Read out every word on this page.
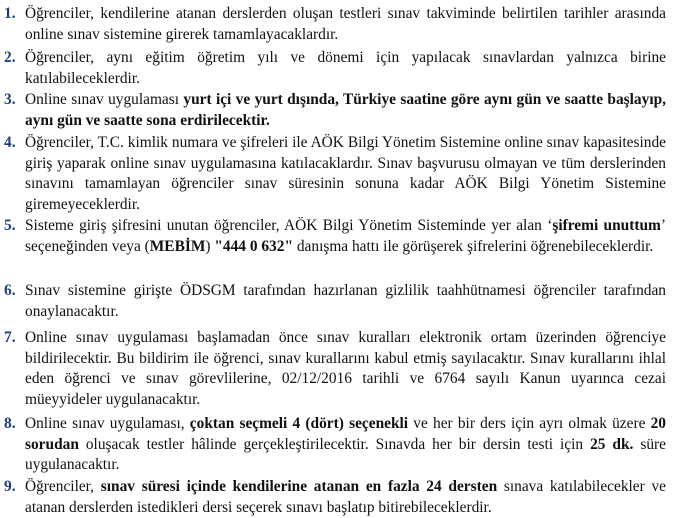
1. Öğrenciler, kendilerine atanan derslerden oluşan testleri sınav takviminde belirtilen tarihler arasında online sınav sistemine girerek tamamlayacaklardır.
2. Öğrenciler, aynı eğitim öğretim yılı ve dönemi için yapılacak sınavlardan yalnızca birine katılabileceklerdir.
3. Online sınav uygulaması yurt içi ve yurt dışında, Türkiye saatine göre aynı gün ve saatte başlayıp, aynı gün ve saatte sona erdirilecektir.
4. Öğrenciler, T.C. kimlik numara ve şifreleri ile AÖK Bilgi Yönetim Sistemine online sınav kapasitesinde giriş yaparak online sınav uygulamasına katılacaklardır. Sınav başvurusu olmayan ve tüm derslerinden sınavını tamamlayan öğrenciler sınav süresinin sonuna kadar AÖK Bilgi Yönetim Sistemine giremeyeceklerdir.
5. Sisteme giriş şifresini unutan öğrenciler, AÖK Bilgi Yönetim Sisteminde yer alan ‘şifremi unuttum’ seçeneğinden veya (MEBİM) "444 0 632" danışma hattı ile görüşerek şifrelerini öğrenebileceklerdir.
6. Sınav sistemine girişte ÖDSGM tarafından hazırlanan gizlilik taahhütnamesi öğrenciler tarafından onaylanacaktır.
7. Online sınav uygulaması başlamadan önce sınav kuralları elektronik ortam üzerinden öğrenciye bildirilecektir. Bu bildirim ile öğrenci, sınav kurallarını kabul etmiş sayılacaktır. Sınav kurallarını ihlal eden öğrenci ve sınav görevlilerine, 02/12/2016 tarihli ve 6764 sayılı Kanun uyarınca cezai müeyyideler uygulanacaktır.
8. Online sınav uygulaması, çoktan seçmeli 4 (dört) seçenekli ve her bir ders için ayrı olmak üzere 20 sorudan oluşacak testler hâlinde gerçekleştirilecektir. Sınavda her bir dersin testi için 25 dk. süre uygulanacaktır.
9. Öğrenciler, sınav süresi içinde kendilerine atanan en fazla 24 dersten sınava katılabilecekler ve atanan derslerden istedikleri dersi seçerek sınavı başlatıp bitirebileceklerdir.
